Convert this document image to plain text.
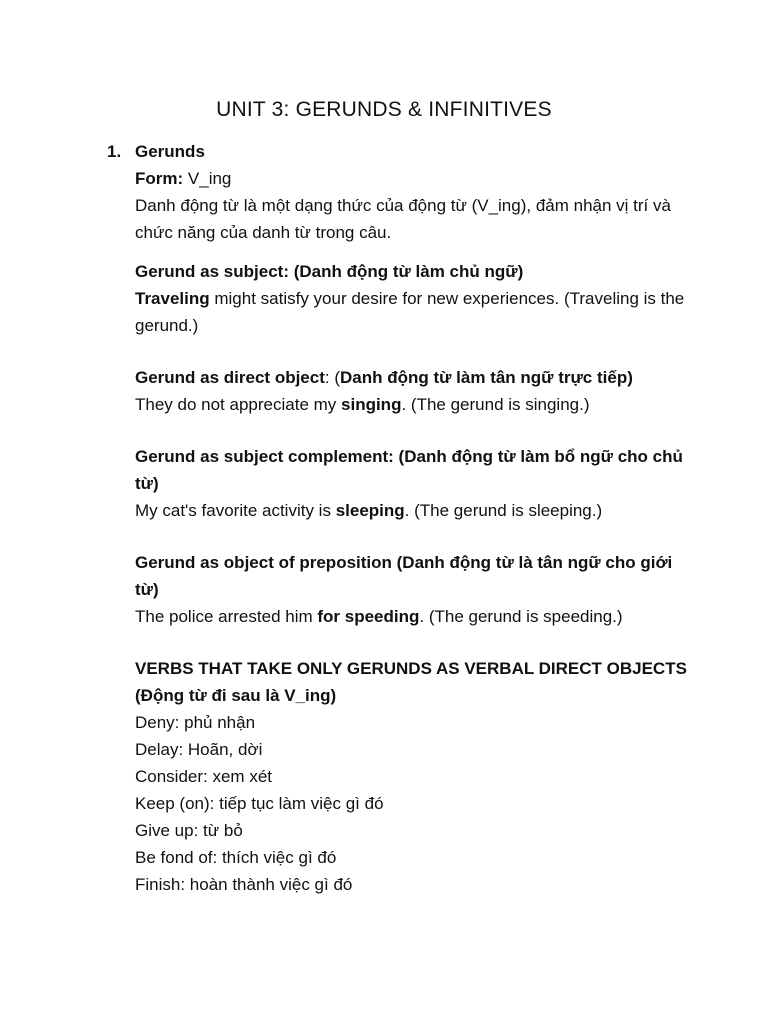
UNIT 3: GERUNDS & INFINITIVES
1. Gerunds

Form: V_ing

Danh động từ là một dạng thức của động từ (V_ing), đảm nhận vị trí và chức năng của danh từ trong câu.

Gerund as subject: (Danh động từ làm chủ ngữ)

Traveling might satisfy your desire for new experiences. (Traveling is the gerund.)

Gerund as direct object: (Danh động từ làm tân ngữ trực tiếp)

They do not appreciate my singing. (The gerund is singing.)

Gerund as subject complement: (Danh động từ làm bổ ngữ cho chủ từ)

My cat's favorite activity is sleeping. (The gerund is sleeping.)

Gerund as object of preposition (Danh động từ là tân ngữ cho giới từ)

The police arrested him for speeding. (The gerund is speeding.)

VERBS THAT TAKE ONLY GERUNDS AS VERBAL DIRECT OBJECTS (Động từ đi sau là V_ing)

Deny: phủ nhận

Delay: Hoãn, dời

Consider: xem xét

Keep (on): tiếp tục làm việc gì đó

Give up: từ bỏ

Be fond of: thích việc gì đó

Finish: hoàn thành việc gì đó
